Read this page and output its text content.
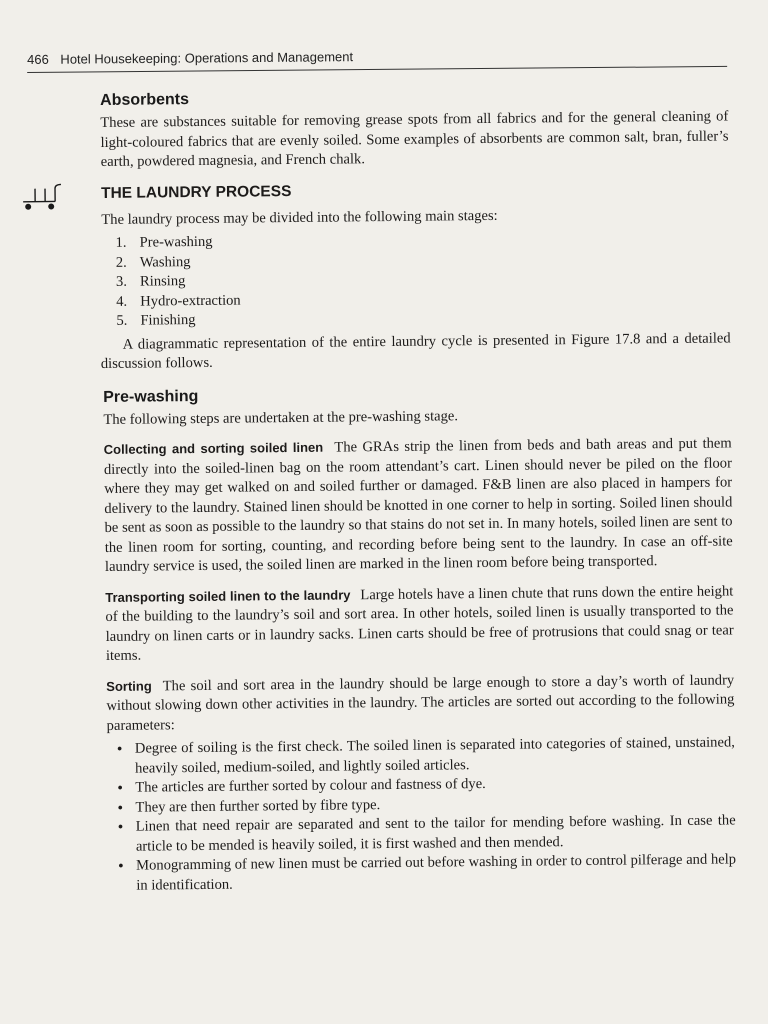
466 Hotel Housekeeping: Operations and Management
Absorbents

These are substances suitable for removing grease spots from all fabrics and for the general cleaning of light-coloured fabrics that are evenly soiled. Some examples of absorbents are common salt, bran, fuller’s earth, powdered magnesia, and French chalk.

THE LAUNDRY PROCESS

The laundry process may be divided into the following main stages:

1. Pre-washing
2. Washing
3. Rinsing
4. Hydro-extraction
5. Finishing

A diagrammatic representation of the entire laundry cycle is presented in Figure 17.8 and a detailed discussion follows.

Pre-washing

The following steps are undertaken at the pre-washing stage.

Collecting and sorting soiled linen The GRAs strip the linen from beds and bath areas and put them directly into the soiled-linen bag on the room attendant’s cart. Linen should never be piled on the floor where they may get walked on and soiled further or damaged. F&B linen are also placed in hampers for delivery to the laundry. Stained linen should be knotted in one corner to help in sorting. Soiled linen should be sent as soon as possible to the laundry so that stains do not set in. In many hotels, soiled linen are sent to the linen room for sorting, counting, and recording before being sent to the laundry. In case an off-site laundry service is used, the soiled linen are marked in the linen room before being transported.

Transporting soiled linen to the laundry Large hotels have a linen chute that runs down the entire height of the building to the laundry’s soil and sort area. In other hotels, soiled linen is usually transported to the laundry on linen carts or in laundry sacks. Linen carts should be free of protrusions that could snag or tear items.

Sorting The soil and sort area in the laundry should be large enough to store a day’s worth of laundry without slowing down other activities in the laundry. The articles are sorted out according to the following parameters:

• Degree of soiling is the first check. The soiled linen is separated into categories of stained, unstained, heavily soiled, medium-soiled, and lightly soiled articles.
• The articles are further sorted by colour and fastness of dye.
• They are then further sorted by fibre type.
• Linen that need repair are separated and sent to the tailor for mending before washing. In case the article to be mended is heavily soiled, it is first washed and then mended.
• Monogramming of new linen must be carried out before washing in order to control pilferage and help in identification.
